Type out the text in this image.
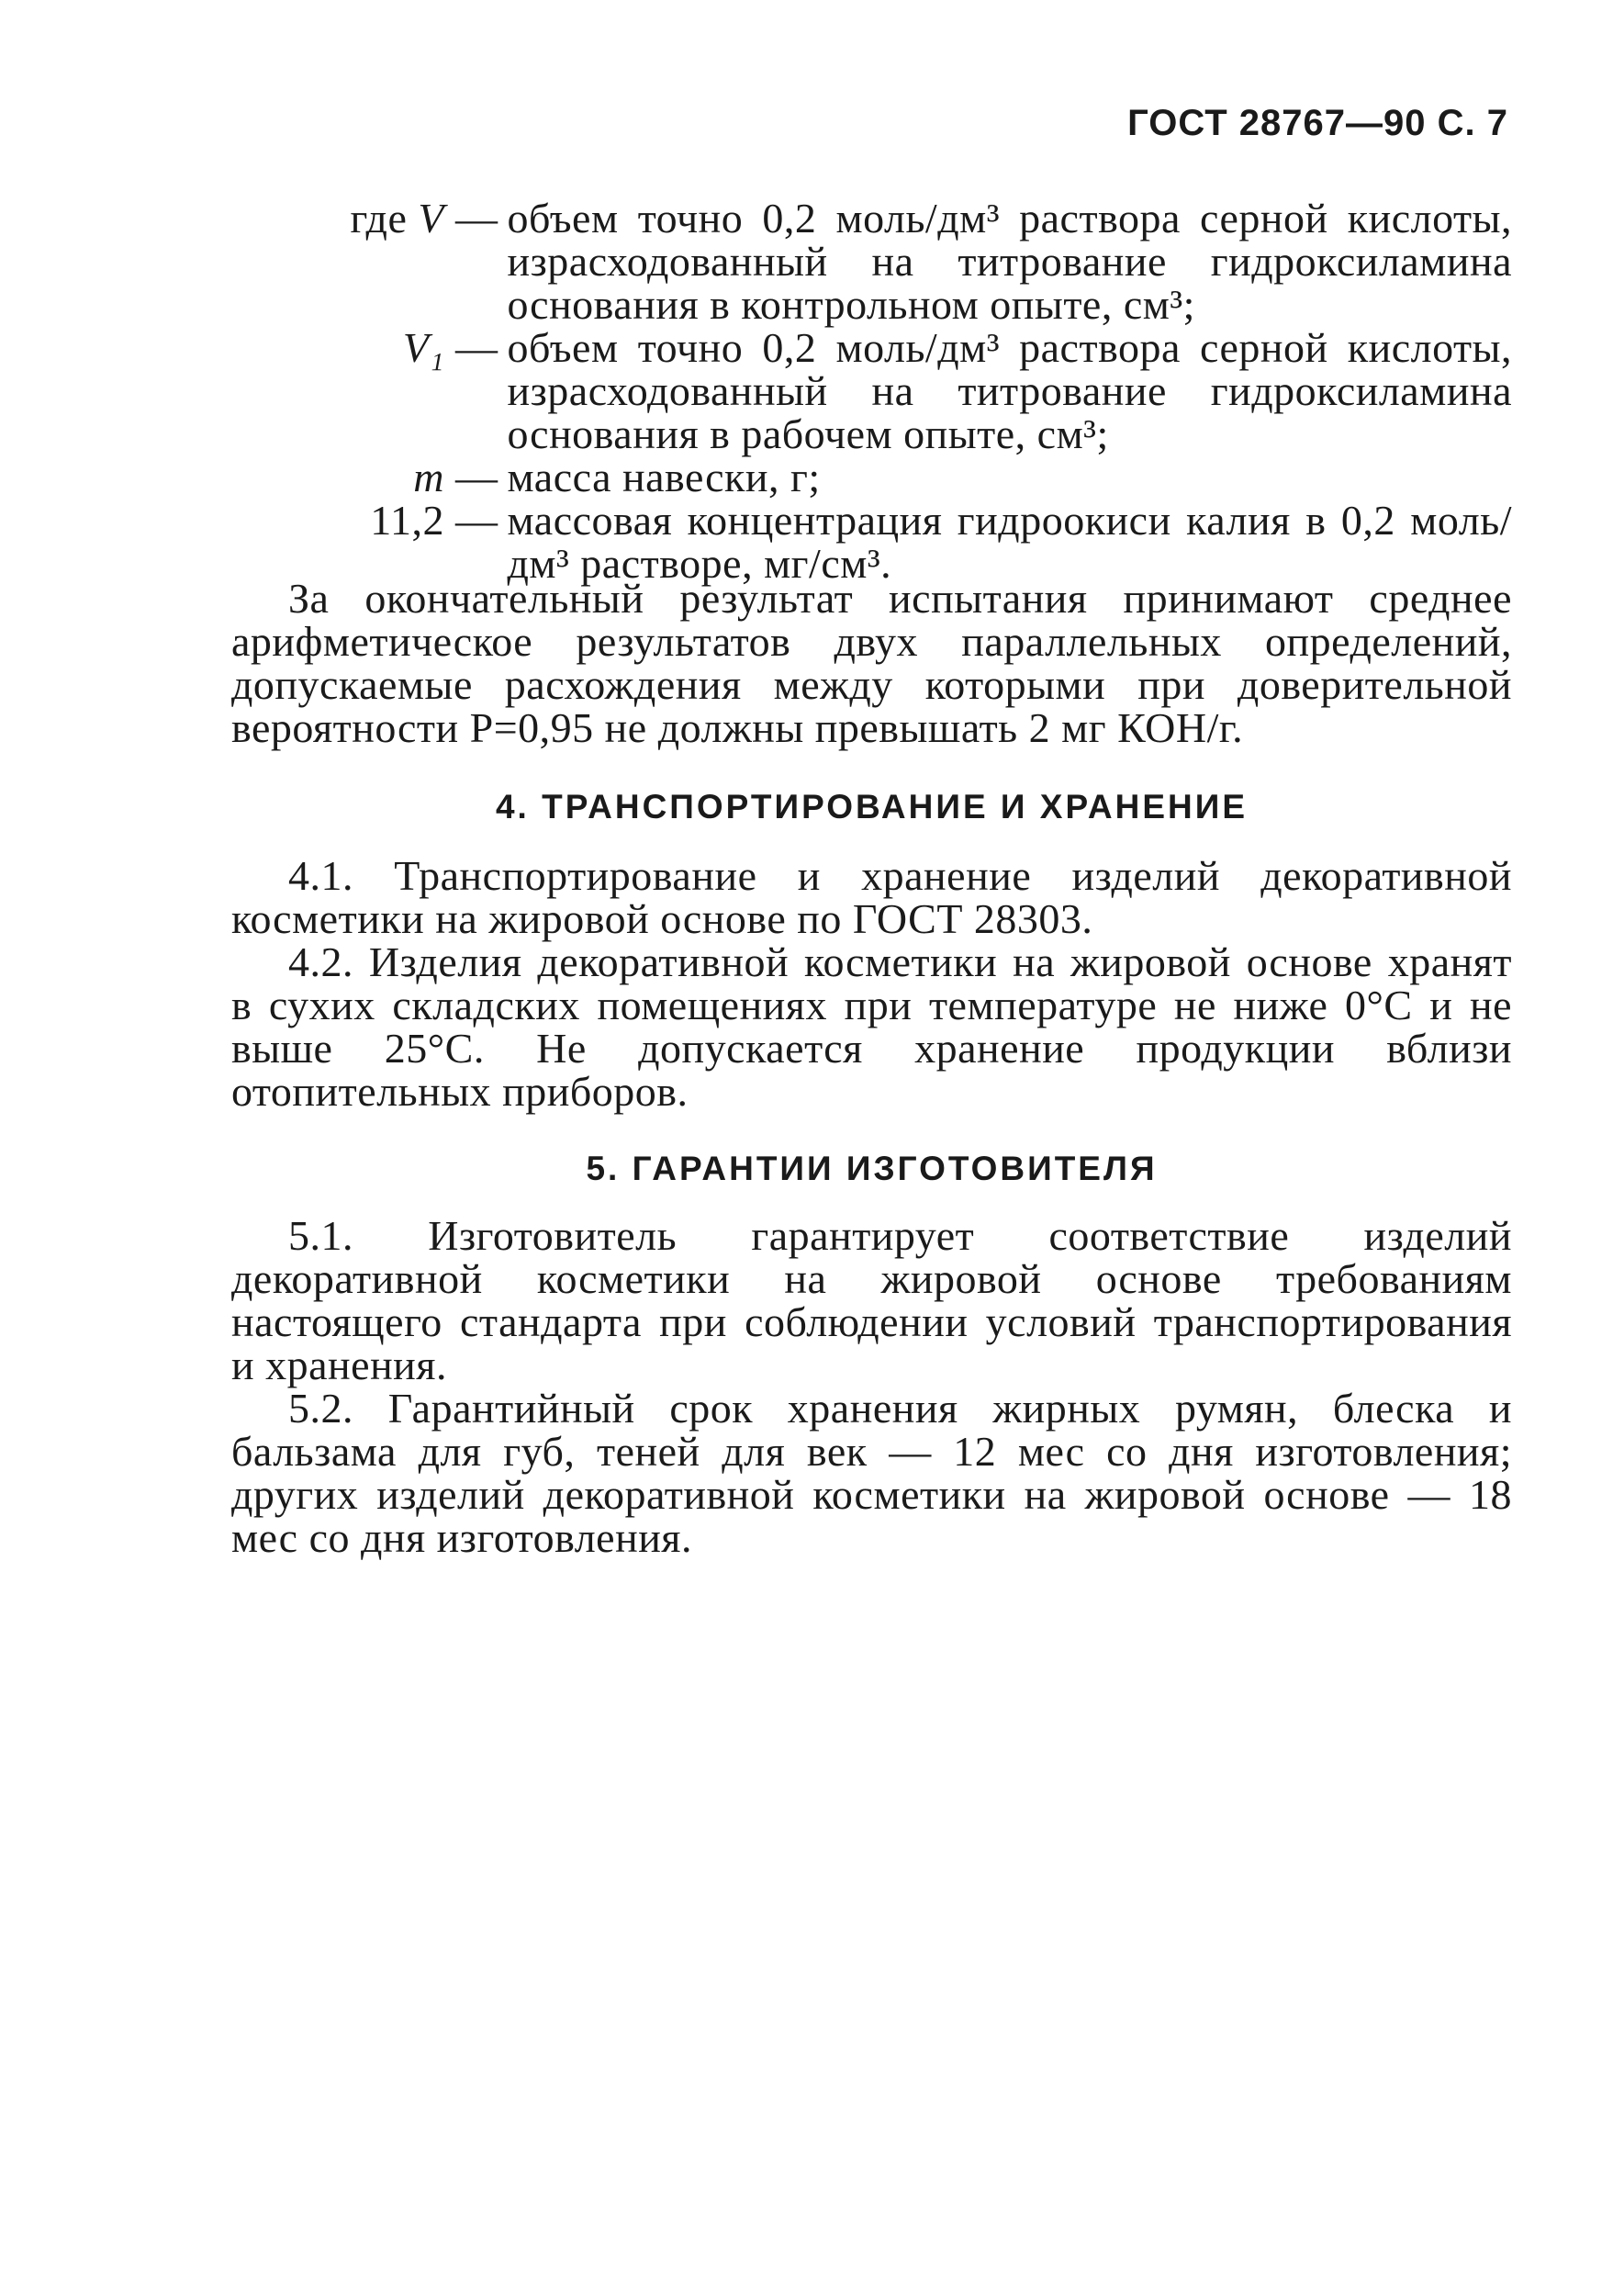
ГОСТ 28767—90 С. 7
где V — объем точно 0,2 моль/дм³ раствора серной кислоты, израсходованный на титрование гидроксиламина основания в контрольном опыте, см³;
V₁ — объем точно 0,2 моль/дм³ раствора серной кислоты, израсходованный на титрование гидроксиламина основания в рабочем опыте, см³;
m — масса навески, г;
11,2 — массовая концентрация гидроокиси калия в 0,2 моль/дм³ растворе, мг/см³.
За окончательный результат испытания принимают среднее арифметическое результатов двух параллельных определений, допускаемые расхождения между которыми при доверительной вероятности P=0,95 не должны превышать 2 мг КОН/г.
4. ТРАНСПОРТИРОВАНИЕ И ХРАНЕНИЕ
4.1. Транспортирование и хранение изделий декоративной косметики на жировой основе по ГОСТ 28303.
4.2. Изделия декоративной косметики на жировой основе хранят в сухих складских помещениях при температуре не ниже 0°С и не выше 25°С. Не допускается хранение продукции вблизи отопительных приборов.
5. ГАРАНТИИ ИЗГОТОВИТЕЛЯ
5.1. Изготовитель гарантирует соответствие изделий декоративной косметики на жировой основе требованиям настоящего стандарта при соблюдении условий транспортирования и хранения.
5.2. Гарантийный срок хранения жирных румян, блеска и бальзама для губ, теней для век — 12 мес со дня изготовления; других изделий декоративной косметики на жировой основе — 18 мес со дня изготовления.
